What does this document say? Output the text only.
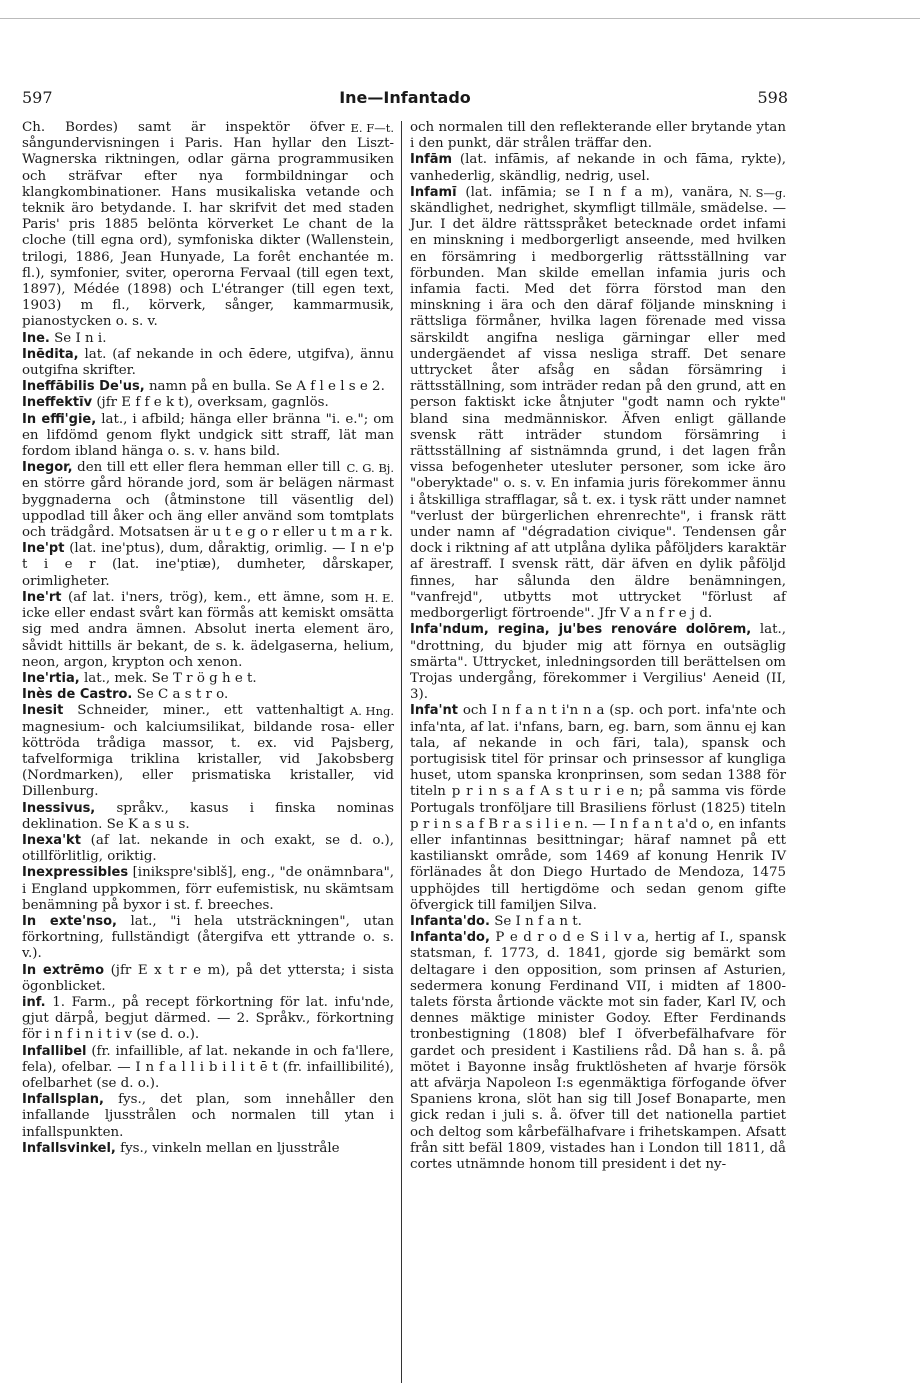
597	Ine—Infantado	598

E. F—t.
Ch. Bordes) samt är inspektör öfver sångundervisningen i Paris. Han hyllar den Liszt-Wagnerska riktningen, odlar gärna programmusiken och sträfvar efter nya formbildningar och klangkombinationer. Hans musikaliska vetande och teknik äro betydande. I. har skrifvit det med staden Paris' pris 1885 belönta körverket Le chant de la cloche (till egna ord), symfoniska dikter (Wallenstein, trilogi, 1886, Jean Hunyade, La forêt enchantée m. fl.), symfonier, sviter, operorna Fervaal (till egen text, 1897), Médée (1898) och L'étranger (till egen text, 1903) m fl., körverk, sånger, kammarmusik, pianostycken o. s. v.

Ine. Se I n i.

Inēdita, lat. (af nekande in och ēdere, utgifva), ännu outgifna skrifter.

Ineffābilis De'us, namn på en bulla. Se A f l e l s e 2.

Ineffektīv (jfr E f f e k t), overksam, gagnlös.

In effi'gie, lat., i afbild; hänga eller bränna "i. e."; om en lifdömd genom flykt undgick sitt straff, lät man fordom ibland hänga o. s. v. hans bild.

C. G. Bj.
Inegor, den till ett eller flera hemman eller till en större gård hörande jord, som är belägen närmast byggnaderna och (åtminstone till väsentlig del) uppodlad till åker och äng eller använd som tomtplats och trädgård. Motsatsen är u t e g o r eller u t m a r k.

Ine'pt (lat. ine'ptus), dum, dåraktig, orimlig. — I n e'p t i e r (lat. ine'ptiæ), dumheter, dårskaper, orimligheter.

H. E.
Ine'rt (af lat. i'ners, trög), kem., ett ämne, som icke eller endast svårt kan förmås att kemiskt omsätta sig med andra ämnen. Absolut inerta element äro, såvidt hittills är bekant, de s. k. ädelgaserna, helium, neon, argon, krypton och xenon.

Ine'rtia, lat., mek. Se T r ö g h e t.

Inès de Castro. Se C a s t r o.

A. Hng.
Inesit Schneider, miner., ett vattenhaltigt magnesium- och kalciumsilikat, bildande rosa- eller köttröda trådiga massor, t. ex. vid Pajsberg, tafvelformiga triklina kristaller, vid Jakobsberg (Nordmarken), eller prismatiska kristaller, vid Dillenburg.

Inessivus, språkv., kasus i finska nominas deklination. Se K a s u s.

Inexa'kt (af lat. nekande in och exakt, se d. o.), otillförlitlig, oriktig.

Inexpressibles [inikspre'siblš], eng., "de onämnbara", i England uppkommen, förr eufemistisk, nu skämtsam benämning på byxor i st. f. breeches.

In exte'nso, lat., "i hela utsträckningen", utan förkortning, fullständigt (återgifva ett yttrande o. s. v.).

In extrēmo (jfr E x t r e m), på det yttersta; i sista ögonblicket.

inf. 1. Farm., på recept förkortning för lat. infu'nde, gjut därpå, begjut därmed. — 2. Språkv., förkortning för i n f i n i t i v (se d. o.).

Infallibel (fr. infaillible, af lat. nekande in och fa'llere, fela), ofelbar. — I n f a l l i b i l i t ē t (fr. infaillibilité), ofelbarhet (se d. o.).

Infallsplan, fys., det plan, som innehåller den infallande ljusstrålen och normalen till ytan i infallspunkten.

Infallsvinkel, fys., vinkeln mellan en ljusstråle

och normalen till den reflekterande eller brytande ytan i den punkt, där strålen träffar den.

Infām (lat. infāmis, af nekande in och fāma, rykte), vanhederlig, skändlig, nedrig, usel.

N. S—g.
Infamī (lat. infāmia; se I n f a m), vanära, skändlighet, nedrighet, skymfligt tillmäle, smädelse. — Jur. I det äldre rättsspråket betecknade ordet infami en minskning i medborgerligt anseende, med hvilken en försämring i medborgerlig rättsställning var förbunden. Man skilde emellan infamia juris och infamia facti. Med det förra förstod man den minskning i ära och den däraf följande minskning i rättsliga förmåner, hvilka lagen förenade med vissa särskildt angifna nesliga gärningar eller med undergäendet af vissa nesliga straff. Det senare uttrycket åter afsåg en sådan försämring i rättsställning, som inträder redan på den grund, att en person faktiskt icke åtnjuter "godt namn och rykte" bland sina medmänniskor. Äfven enligt gällande svensk rätt inträder stundom försämring i rättsställning af sistnämnda grund, i det lagen från vissa befogenheter utesluter personer, som icke äro "oberyktade" o. s. v. En infamia juris förekommer ännu i åtskilliga strafflagar, så t. ex. i tysk rätt under namnet "verlust der bürgerlichen ehrenrechte", i fransk rätt under namn af "dégradation civique". Tendensen går dock i riktning af att utplåna dylika påföljders karaktär af ärestraff. I svensk rätt, där äfven en dylik påföljd finnes, har sålunda den äldre benämningen, "vanfrejd", utbytts mot uttrycket "förlust af medborgerligt förtroende". Jfr V a n f r e j d.

Infa'ndum, regina, ju'bes renováre dolōrem, lat., "drottning, du bjuder mig att förnya en outsäglig smärta". Uttrycket, inledningsorden till berättelsen om Trojas undergång, förekommer i Vergilius' Aeneid (II, 3).

Infa'nt och I n f a n t i'n n a (sp. och port. infa'nte och infa'nta, af lat. i'nfans, barn, eg. barn, som ännu ej kan tala, af nekande in och fāri, tala), spansk och portugisisk titel för prinsar och prinsessor af kungliga huset, utom spanska kronprinsen, som sedan 1388 för titeln p r i n s a f A s t u r i e n; på samma vis förde Portugals tronföljare till Brasiliens förlust (1825) titeln p r i n s a f B r a s i l i e n. — I n f a n t a'd o, en infants eller infantinnas besittningar; häraf namnet på ett kastilianskt område, som 1469 af konung Henrik IV förlänades åt don Diego Hurtado de Mendoza, 1475 upphöjdes till hertigdöme och sedan genom gifte öfvergick till familjen Silva.

Infanta'do. Se I n f a n t.

Infanta'do, P e d r o d e S i l v a, hertig af I., spansk statsman, f. 1773, d. 1841, gjorde sig bemärkt som deltagare i den opposition, som prinsen af Asturien, sedermera konung Ferdinand VII, i midten af 1800-talets första årtionde väckte mot sin fader, Karl IV, och dennes mäktige minister Godoy. Efter Ferdinands tronbestigning (1808) blef I öfverbefälhafvare för gardet och president i Kastiliens råd. Då han s. å. på mötet i Bayonne insåg fruktlösheten af hvarje försök att afvärja Napoleon I:s egenmäktiga förfogande öfver Spaniens krona, slöt han sig till Josef Bonaparte, men gick redan i juli s. å. öfver till det nationella partiet och deltog som kårbefälhafvare i frihetskampen. Afsatt från sitt befäl 1809, vistades han i London till 1811, då cortes utnämnde honom till president i det ny-
